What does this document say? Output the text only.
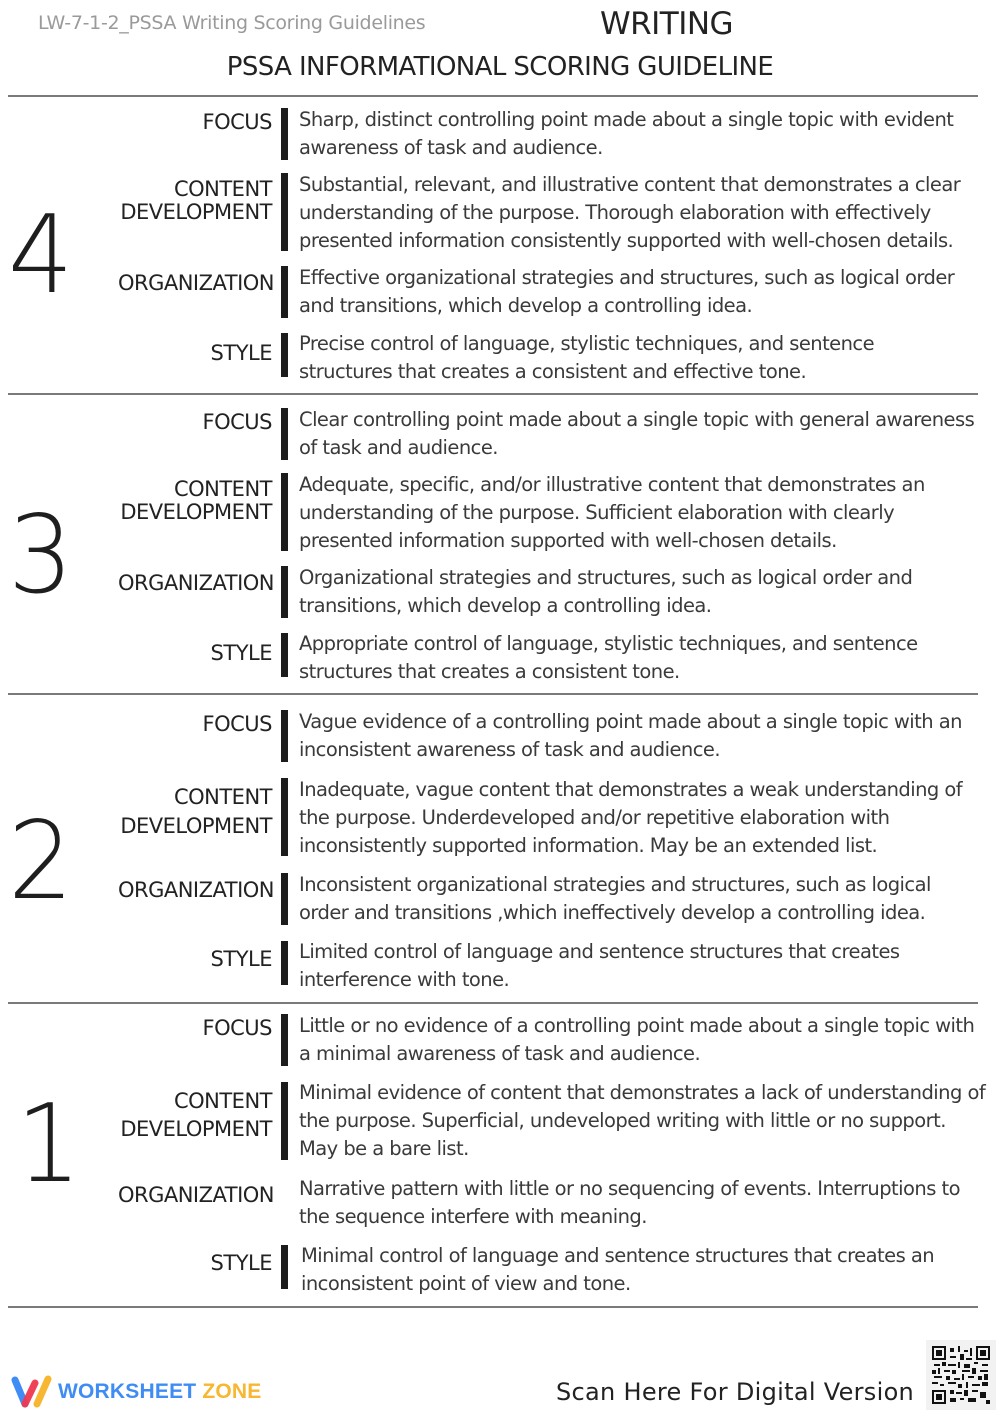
LW-7-1-2_PSSA Writing Scoring Guidelines	WRITING
PSSA INFORMATIONAL SCORING GUIDELINE
4
FOCUS Sharp, distinct controlling point made about a single topic with evident
awareness of task and audience.
CONTENT
DEVELOPMENT
Substantial, relevant, and illustrative content that demonstrates a clear
understanding of the purpose. Thorough elaboration with effectively
presented information consistently supported with well-chosen details.
ORGANIZATION Effective organizational strategies and structures, such as logical order
and transitions, which develop a controlling idea.
STYLE Precise control of language, stylistic techniques, and sentence
structures that creates a consistent and effective tone.
3
FOCUS Clear controlling point made about a single topic with general awareness
of task and audience.
CONTENT
DEVELOPMENT
Adequate, specific, and/or illustrative content that demonstrates an
understanding of the purpose. Sufficient elaboration with clearly
presented information supported with well-chosen details.
ORGANIZATION Organizational strategies and structures, such as logical order and
transitions, which develop a controlling idea.
STYLE Appropriate control of language, stylistic techniques, and sentence
structures that creates a consistent tone.
2
FOCUS Vague evidence of a controlling point made about a single topic with an
inconsistent awareness of task and audience.
CONTENT
DEVELOPMENT
Inadequate, vague content that demonstrates a weak understanding of
the purpose. Underdeveloped and/or repetitive elaboration with
inconsistently supported information. May be an extended list.
ORGANIZATION Inconsistent organizational strategies and structures, such as logical
order and transitions ,which ineffectively develop a controlling idea.
STYLE Limited control of language and sentence structures that creates
interference with tone.
1
FOCUS Little or no evidence of a controlling point made about a single topic with
a minimal awareness of task and audience.
CONTENT
DEVELOPMENT
Minimal evidence of content that demonstrates a lack of understanding of
the purpose. Superficial, undeveloped writing with little or no support.
May be a bare list.
ORGANIZATION Narrative pattern with little or no sequencing of events. Interruptions to
the sequence interfere with meaning.
STYLE Minimal control of language and sentence structures that creates an
inconsistent point of view and tone.
WORKSHEET ZONE	Scan Here For Digital Version
